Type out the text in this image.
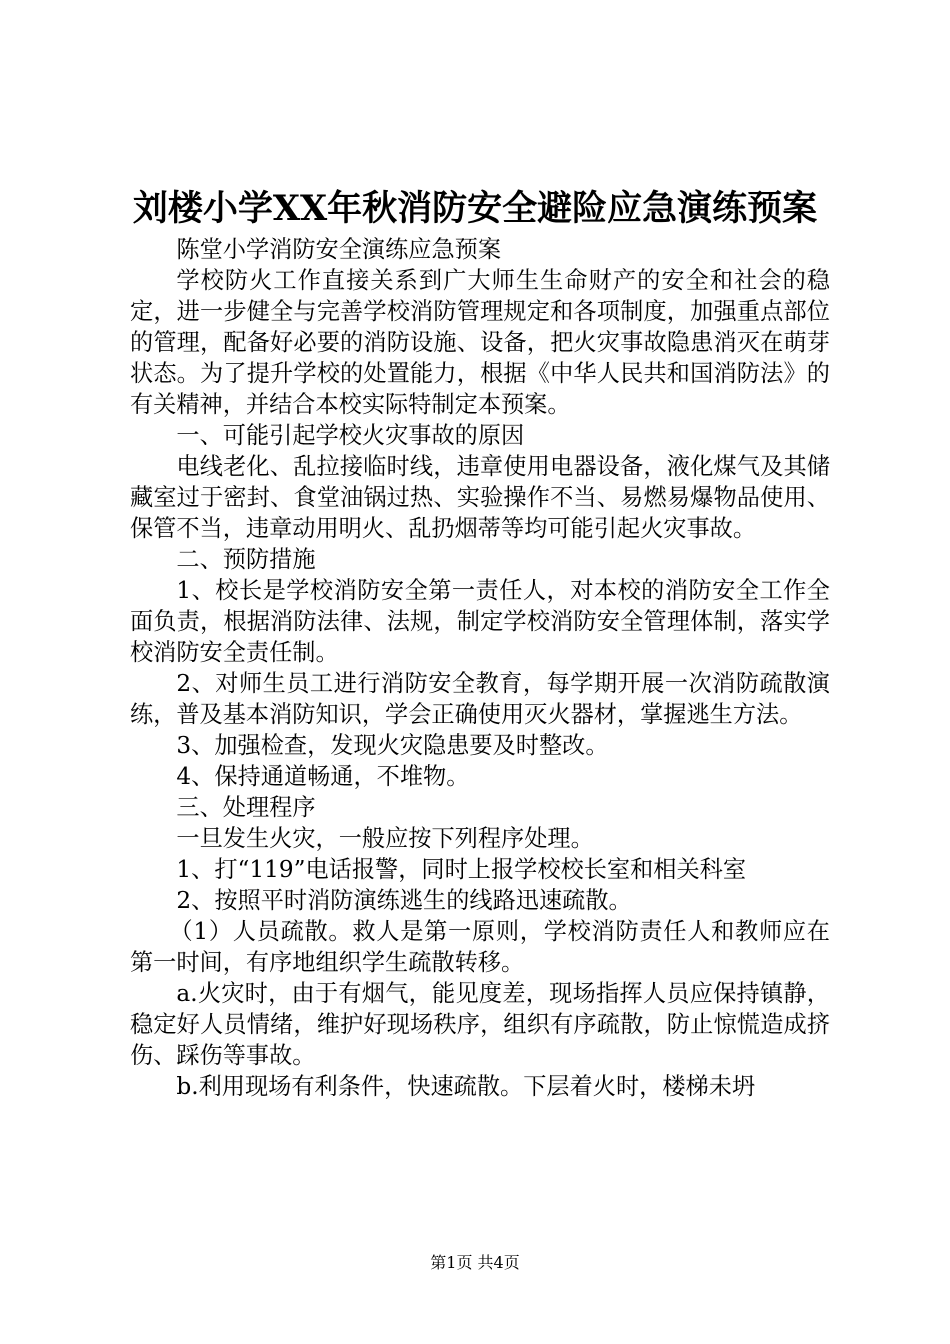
刘楼小学XX年秋消防安全避险应急演练预案

陈堂小学消防安全演练应急预案

学校防火工作直接关系到广大师生生命财产的安全和社会的稳定，进一步健全与完善学校消防管理规定和各项制度，加强重点部位的管理，配备好必要的消防设施、设备，把火灾事故隐患消灭在萌芽状态。为了提升学校的处置能力，根据《中华人民共和国消防法》的有关精神，并结合本校实际特制定本预案。

一、可能引起学校火灾事故的原因

电线老化、乱拉接临时线，违章使用电器设备，液化煤气及其储藏室过于密封、食堂油锅过热、实验操作不当、易燃易爆物品使用、保管不当，违章动用明火、乱扔烟蒂等均可能引起火灾事故。

二、预防措施

1、校长是学校消防安全第一责任人，对本校的消防安全工作全面负责，根据消防法律、法规，制定学校消防安全管理体制，落实学校消防安全责任制。

2、对师生员工进行消防安全教育，每学期开展一次消防疏散演练，普及基本消防知识，学会正确使用灭火器材，掌握逃生方法。

3、加强检查，发现火灾隐患要及时整改。

4、保持通道畅通，不堆物。

三、处理程序

一旦发生火灾，一般应按下列程序处理。

1、打“119”电话报警，同时上报学校校长室和相关科室

2、按照平时消防演练逃生的线路迅速疏散。

（1）人员疏散。救人是第一原则，学校消防责任人和教师应在第一时间，有序地组织学生疏散转移。

a.火灾时，由于有烟气，能见度差，现场指挥人员应保持镇静，稳定好人员情绪，维护好现场秩序，组织有序疏散，防止惊慌造成挤伤、踩伤等事故。

b.利用现场有利条件，快速疏散。下层着火时，楼梯未坍

第1页 共4页
